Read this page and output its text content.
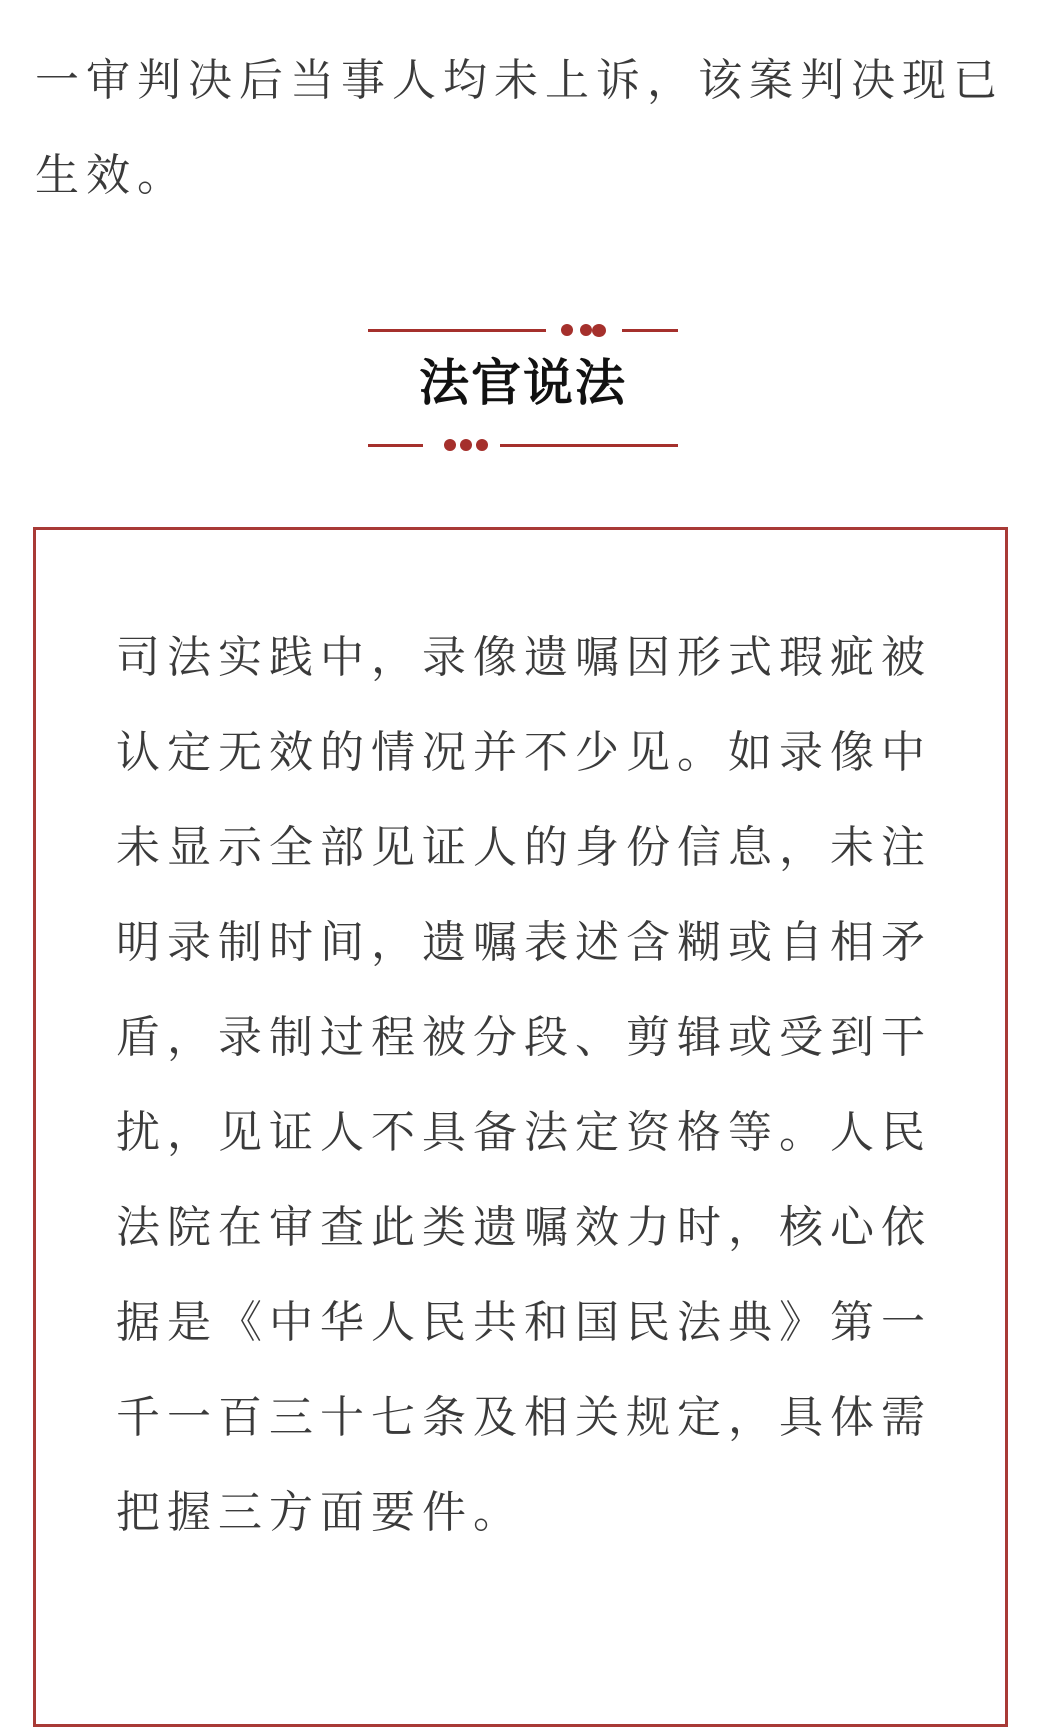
一审判决后当事人均未上诉，该案判决现已生效。

法官说法

司法实践中，录像遗嘱因形式瑕疵被认定无效的情况并不少见。如录像中未显示全部见证人的身份信息，未注明录制时间，遗嘱表述含糊或自相矛盾，录制过程被分段、剪辑或受到干扰，见证人不具备法定资格等。人民法院在审查此类遗嘱效力时，核心依据是《中华人民共和国民法典》第一千一百三十七条及相关规定，具体需把握三方面要件。
